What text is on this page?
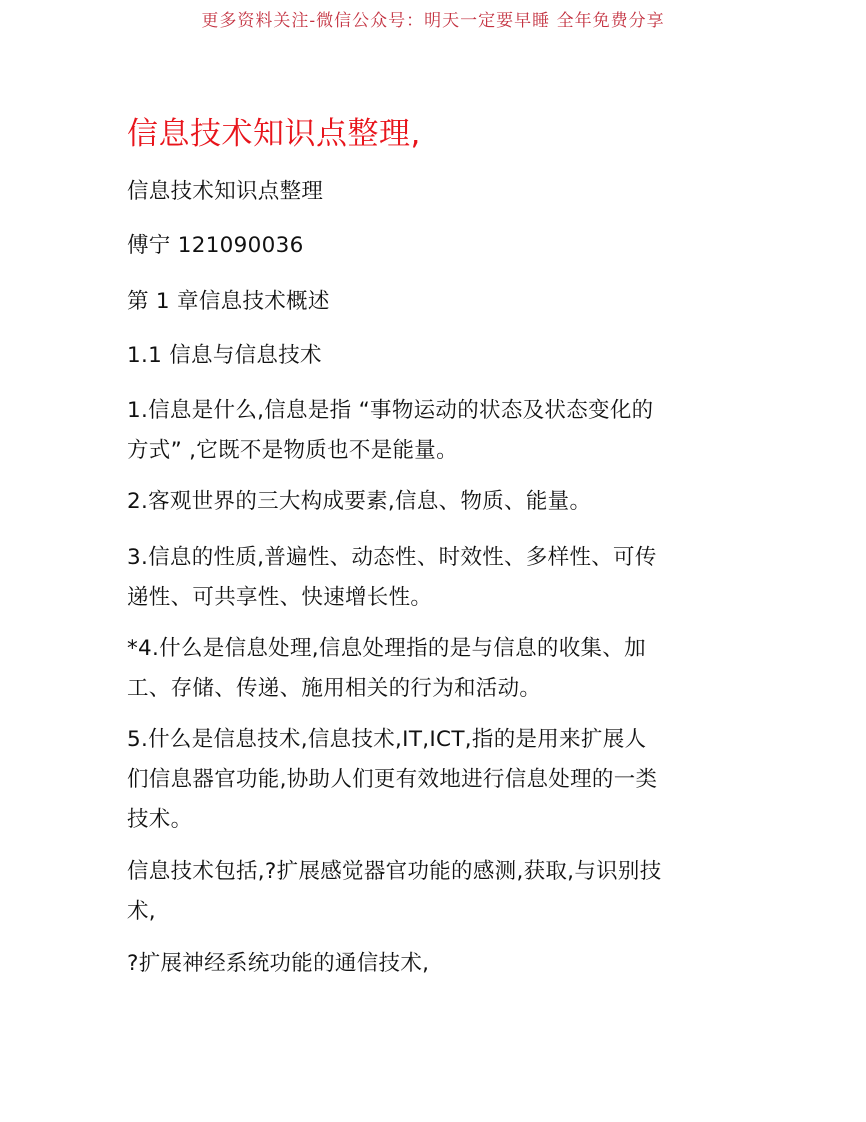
更多资料关注-微信公众号：明天一定要早睡 全年免费分享
信息技术知识点整理,
信息技术知识点整理
傅宁 121090036
第 1 章信息技术概述
1.1 信息与信息技术
1.信息是什么,信息是指 “事物运动的状态及状态变化的
方式” ,它既不是物质也不是能量。
2.客观世界的三大构成要素,信息、物质、能量。
3.信息的性质,普遍性、动态性、时效性、多样性、可传
递性、可共享性、快速增长性。
*4.什么是信息处理,信息处理指的是与信息的收集、加
工、存储、传递、施用相关的行为和活动。
5.什么是信息技术,信息技术,IT,ICT,指的是用来扩展人
们信息器官功能,协助人们更有效地进行信息处理的一类
技术。
信息技术包括,?扩展感觉器官功能的感测,获取,与识别技
术,
?扩展神经系统功能的通信技术,
